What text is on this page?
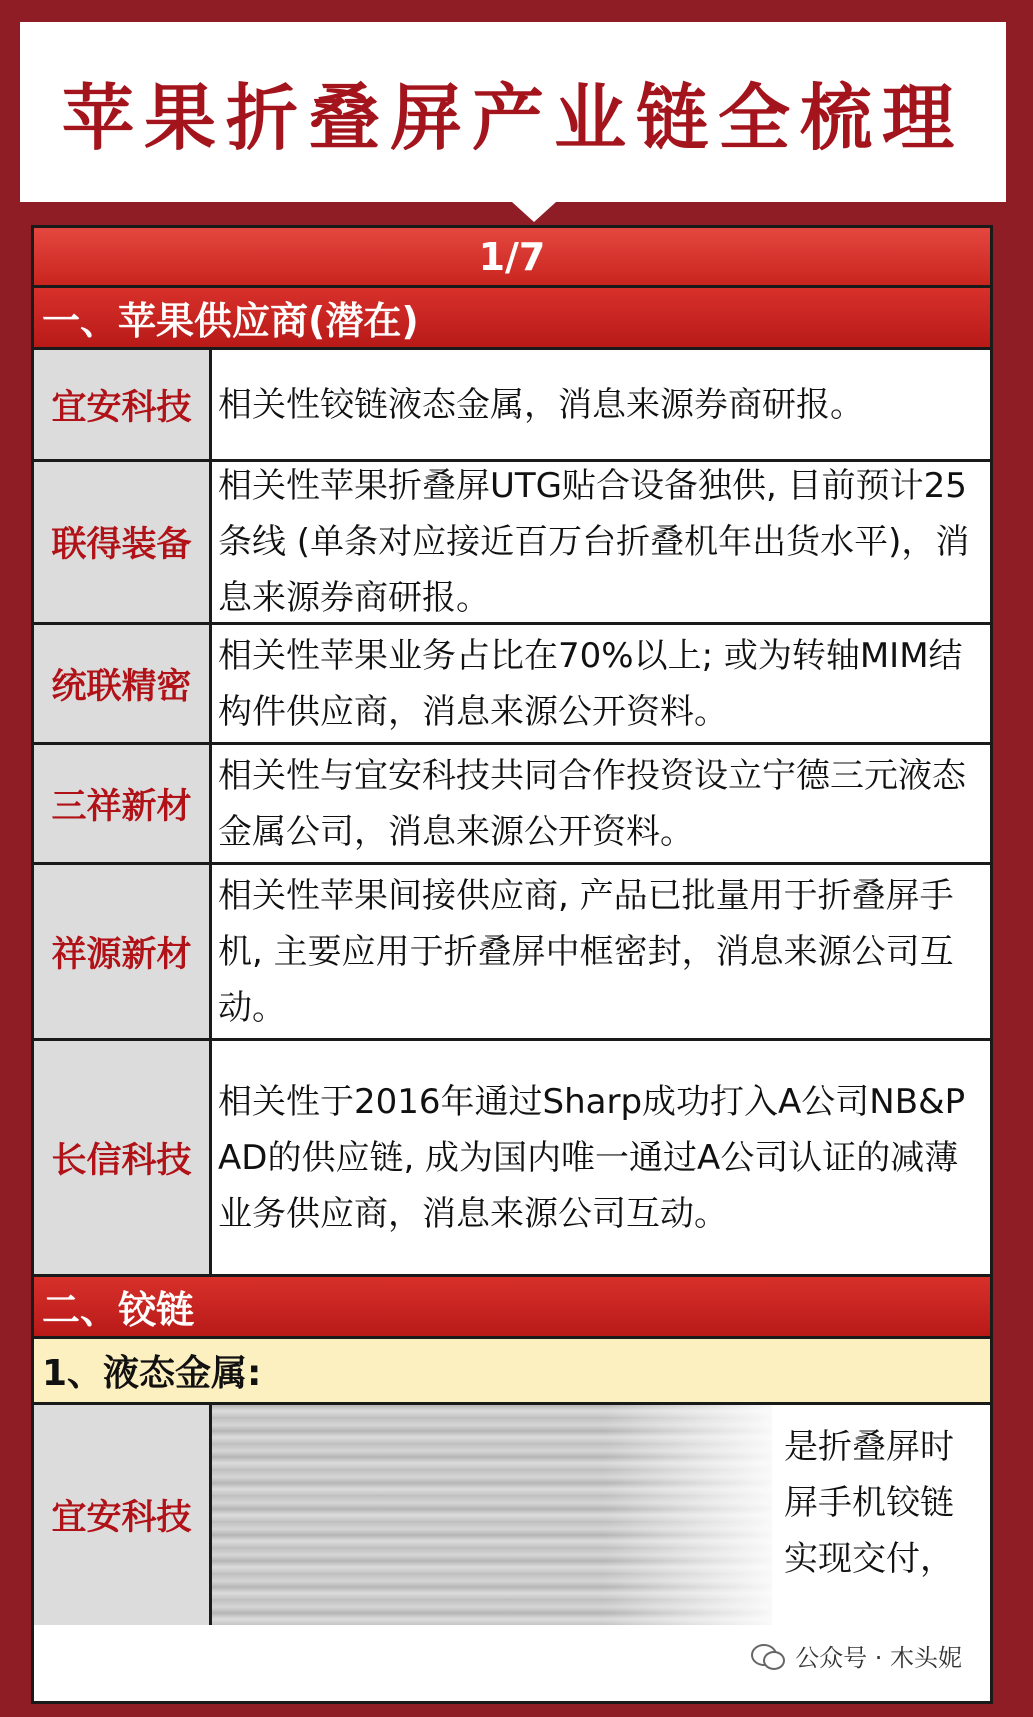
苹果折叠屏产业链全梳理
1/7
一、苹果供应商(潜在)
宜安科技 相关性铰链液态金属，消息来源券商研报。
联得装备
相关性苹果折叠屏UTG贴合设备独供, 目前预计25条线 (单条对应接近百万台折叠机年出货水平)，消息来源券商研报。
统联精密
相关性苹果业务占比在70%以上; 或为转轴MIM结构件供应商，消息来源公开资料。
三祥新材
相关性与宜安科技共同合作投资设立宁德三元液态金属公司，消息来源公开资料。
祥源新材
相关性苹果间接供应商, 产品已批量用于折叠屏手机, 主要应用于折叠屏中框密封，消息来源公司互动。
长信科技
相关性于2016年通过Sharp成功打入A公司NB&PAD的供应链, 成为国内唯一通过A公司认证的减薄业务供应商，消息来源公司互动。
二、铰链
1、液态金属:
宜安科技
是折叠屏时
屏手机铰链
实现交付，
公众号 · 木头妮
